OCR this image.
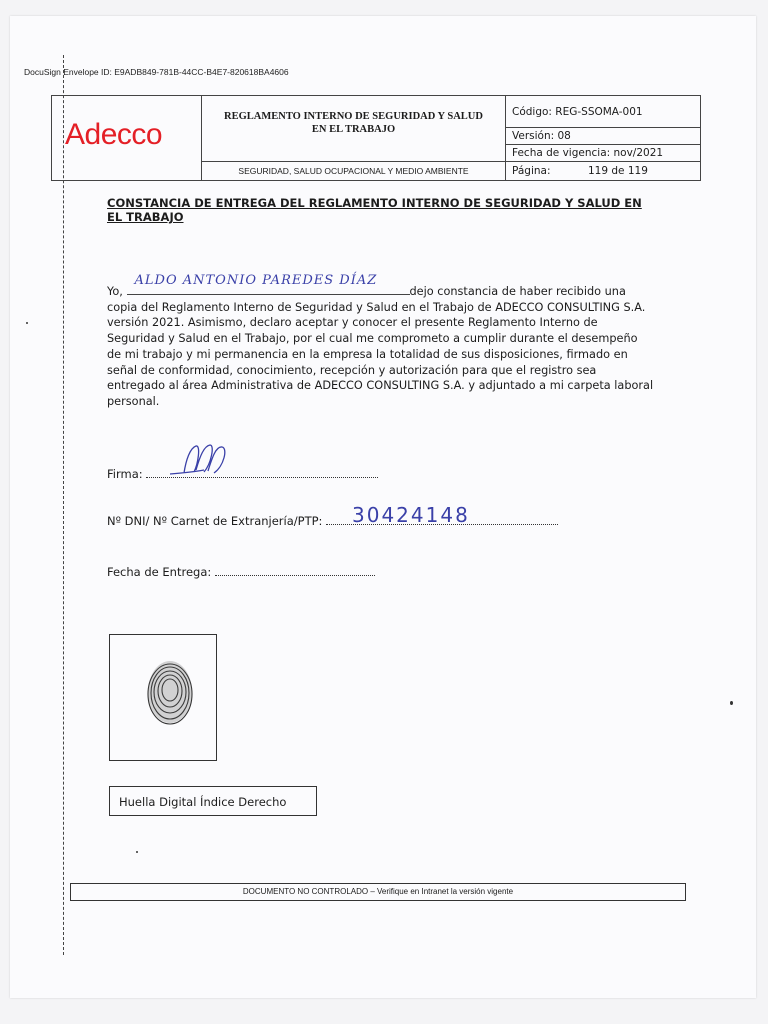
DocuSign Envelope ID: E9ADB849-781B-44CC-B4E7-820618BA4606
Adecco
REGLAMENTO INTERNO DE SEGURIDAD Y SALUD EN EL TRABAJO
SEGURIDAD, SALUD OCUPACIONAL Y MEDIO AMBIENTE
Código: REG-SSOMA-001
Versión: 08
Fecha de vigencia: nov/2021
Página:	119 de 119
CONSTANCIA DE ENTREGA DEL REGLAMENTO INTERNO DE SEGURIDAD Y SALUD EN EL TRABAJO
Yo,
ALDO ANTONIO PAREDES DÍAZ
dejo constancia de haber recibido una copia del Reglamento Interno de Seguridad y Salud en el Trabajo de ADECCO CONSULTING S.A. versión 2021. Asimismo, declaro aceptar y conocer el presente Reglamento Interno de Seguridad y Salud en el Trabajo, por el cual me comprometo a cumplir durante el desempeño de mi trabajo y mi permanencia en la empresa la totalidad de sus disposiciones, firmado en señal de conformidad, conocimiento, recepción y autorización para que el registro sea entregado al área Administrativa de ADECCO CONSULTING S.A. y adjuntado a mi carpeta laboral personal.
Firma:
Nº DNI/ Nº Carnet de Extranjería/PTP:	30424148
Fecha de Entrega:
Huella Digital Índice Derecho
DOCUMENTO NO CONTROLADO – Verifique en Intranet la versión vigente
